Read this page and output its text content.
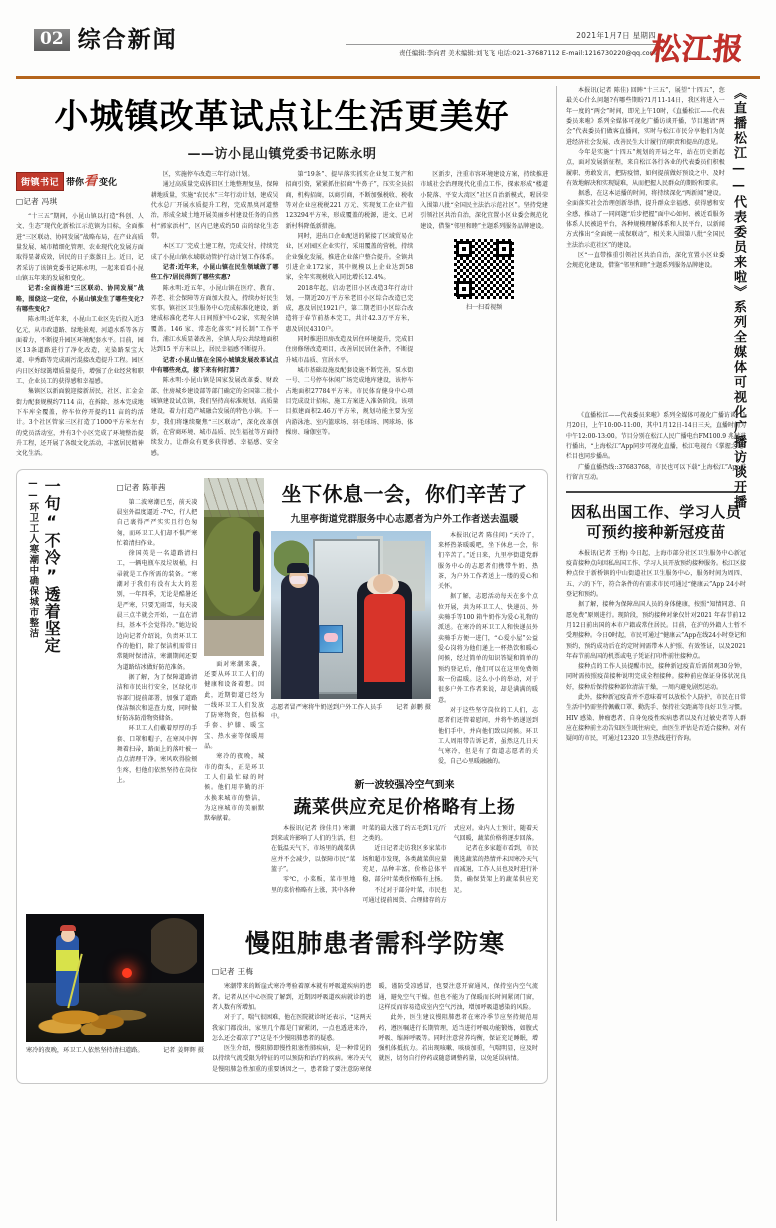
02 综合新闻	2021年1月7日 星期四
责任编辑:李向君 美术编辑:刘飞飞 电话:021-37687112 E-mail:1216730220@qq.com
松江报
小城镇改革试点让生活更美好
——访小昆山镇党委书记陈永明
街镇书记 带你看 变化
□记者 冯琪

“十三五”期间，小昆山镇以打造“科创、人文、生态”现代化新松江示范镇为目标，全面推进“三区联动、协同发展”战略布局，在产业高质量发展、城市精细化管理、农业现代化发展方面取得显著成效，居民的日子蒸蒸日上。近日，记者采访了该镇党委书记陈永明，一起来看看小昆山镇五年来的发展和变化。

记者:全面推进“三区联动、协同发展”战略，围绕这一定位，小昆山镇发生了哪些变化?有哪些变化?

陈永明:近年来，小昆山工业区先后投入近3亿元，从市政道路、绿地景观、河道水系等各方面着力，不断提升园区环境配套水平。目前，园区13条道路进行了净化改造，光染路泵宝大道、申秀路等完成雨污混接改造提升工程。园区内日区好绿篱增质量提升，增强了企业经营和职工、企业员工的获得感和幸福感。

集镇区以新面貌迎接新居民，社区、汇金金街力配套规模约7114 亩，在拆除、基本完成地下车库全覆盖，停车位停开提约11 亩的约活计。3个社区管家三区打造了1000平方米左右的党员活动室，并有3个小区完成了环境整治提升工程，还开展了各级文化活动，丰富居民精神文化生活。

区，实施停车改造三年行动计划。

通过高质量完成拆旧区土地整理复垦，保障耕地质量，实施“农民水”三年行动计划，建成吴代水总厂开展水质提升工程，完成黑臭河道整治，形成全域土地开展美丽乡村建设任务的自然村“郭家浜村”，区内已建成约50 亩的绿化生态带。

本区工厂完成土建工程，完成交付，持续完成了小昆山镇水域联动管护行动计划工作体系。

记者:近年来，小昆山镇在民生领域做了哪些工作?居民得到了哪些实惠?

陈永明:近五年，小昆山镇在医疗、教育、养老、社会保障等方面加大投入，持续办好民生实事。镇社区卫生服务中心完成标准化建设，新建成标准化老年人日间照护中心2家，实现全镇覆盖。146 家、常态化落实“河长制”工作平台，浦江水质显著改善，全镇人均公共绿地面积达到15 平方米以上，居民幸福感不断提升。

记者:小昆山镇在全国小城镇发展改革试点中有哪些亮点，接下来有何打算?

陈永明:小昆山镇是国家发展改革委、财政部、住房城乡建设部等部门确定的全国第二批小城镇建设试点镇，我们坚持高标准规划、高质量建设，着力打造产城融合发展的特色小镇。下一步，我们将继续聚焦“三区联动”，深化改革创新，在营商环境、城市品质、民生福祉等方面持续发力，让群众有更多获得感、幸福感、安全感。

第“19条”、提早落实抓实企业复工复产和招商引资，紧紧抓住招商“牛鼻子”，压实全员招商，机构招商，以商引商，不断加强税收、税收等对企业应税税221 万元、实现复工企业产值123294平方米，形成覆盖的税源，进文、已对新村科降低新措施。

同时，进出口企业配送的紧接了区域贸易企业，区对园区企业实行，采用覆盖的营税，持续企业强化发展，推进企业落户整合提升。全镇共引进企业172家，其中规模以上企业达到58家，全年实现税收入同比增长12.4%。

2018年起，启动老旧小区改造3年行动计划，一期近20万平方米老旧小区综合改造已完成，惠及居民1921户，第二期老旧小区综合改造将于春节前基本完工，共计42.3万平方米，惠及居民4310户。

同时推进旧房改造及居住环境提升，完成旧住房修缮改造项目，改善居民居住条件，不断提升城市品质、宜居水平。

城市基础设施及配套设施不断完善，泵水街一号、二号停车休闲广场完成地库建设，该停车占地面积27784平方米。市民体育健身中心项目完成设计招标，施工方案进入准备阶段。该项目拟建面积2.46万平方米，规划功能主要为室内游泳池、室内篮球场、羽毛球场、网球场、体操房、瑜伽室等。

区新步，注重市容环境建设方案，持续推进市域社会治理现代化重点工作，探索形成“楼道小院落、平安大湾区”社区自治新模式，喔居荣入围第八批“全国民主法治示范社区”。坚持党建引领社区共治自治，深化宜置小区业委会规范化建设，借鉴“邻里和睦”主题系列服务品牌建设。

扫一扫看视频
一句“不冷”透着坚定
——环卫工人寒潮中确保城市整洁	□记者 陈菲茜

第二波寒潮已至，前天凌晨室外温度逼近 -7℃，行人把自己裹得严严实实且行色匆匆，而环卫工人们却不惧严寒忙着清扫作业。

徐国英是一名道路清扫工，一辆电瓶车及垃圾桶，扫帚就是工作所需的装备。“寒潮对于我们有没有太大的差别，一年四季，无论是酷暑还是严寒，只要无雨雪，每天凌晨三点半就会开始，一直在清扫，基本不会觉得冷。”她边说边向记者介绍说，负责环卫工作的他们，除了保洁机需常日常随时保清洁，寒潮期间还要为道路结冰做好防范准备。

据了解，为了保障道路清洁和市民出行安全，区绿化市容部门提前部署，加强了道路保洁频次和巡查力度，同时做好防冻防滑物资储备。

环卫工人们戴着厚厚的手套、口罩和帽子，在寒风中挥舞着扫帚，路面上的落叶被一点点清理干净。寒风吹得脸颊生疼，但他们依然坚持在岗位上。

面对寒潮来袭，还要从环卫工人们的健康和设备着想。因此，近期街道已经为一线环卫工人们发放了防寒物资，包括棉手套、护膝、暖宝宝、热水壶等保暖用品。

寒冷的夜晚，城市的街头，正是环卫工人们最忙碌的时候。他们用辛勤的汗水换来城市的整洁，为这座城市的美丽默默奉献着。

坐下休息一会，你们辛苦了
九里亭街道党群服务中心志愿者为户外工作者送去温暖
志愿者冒严寒将牛奶送到户外工作人员手中。
记者 彭鹏 摄

本报讯(记者 陈佳问) “天冷了，来杯热茶暖暖吧，坐下休息一会，你们辛苦了。”近日来，九里亭街道党群服务中心的志愿者们携带牛奶、热茶，为户外工作者送上一缕的爱心和关怀。

据了解，志愿活动每天在多个点位开展，共为环卫工人、快递员、外卖骑手等100 箱牛奶作为爱心礼物的派送。在寒冷的环卫工人和快递员外卖骑手方便一进门，“心爱小屋”公益爱心岗将为他们递上一杯热饮和暖心问候，经过简单的知识答疑和简单的预约登记后，他们可以在这里免费领取一份温暖。这么小小的举动，对于很多户外工作者来说，却是满满的暖意。

对于这些坚守岗位的工人们，志愿者们还管着慰问，并将牛奶递送到他们手中，并向他们致以问候。环卫工人周用带告诉记者，虽然这几日天气寒冷，但是有了街道志愿者的关爱，自己心里暖融融的。

新一波较强冷空气到来
蔬菜供应充足价格略有上扬

本报讯(记者 徐佳月) 寒潮到来或许影响了人们的生活，但在低温天气下，市场里的蔬菜供应并不会减少，以保障市民“菜篮子”。

零℃，小菜贩，菜市里地里的菜价格略有上涨，其中各种叶菜的最大涨了约五毛到1元/斤之类的。

近日记者走访我区多家菜市场和超市发现，各类蔬菜供应量充足，品种丰富，价格总体平稳，部分叶菜类价格略有上扬。

不过对于部分叶菜，市民也可通过提前囤货、合理储存的方式应对。业内人士预计，随着天气回暖，蔬菜价格将逐步回落。

记者在多家超市看到，市民挑选蔬菜的热情并未因寒冷天气而减退，工作人员也及时进行补货，确保货架上的蔬菜供应充足。

寒冷的夜晚，环卫工人依然坚持清扫道路。	记者 姜辉辉 摄
慢阻肺患者需科学防寒
□记者 王梅

寒潮带来的断崖式寒冷考验着原本就有呼吸道疾病的患者。记者从区中心医院了解到，近期因呼吸道疾病就诊的患者人数有所增加。

对于了，喘气很困难，他在医院就诊时还表示，“这两天我家门都没出，家里几个都是门窗紧闭，一点也透进来冷，怎么还会着凉了?”这是不少慢阻肺患者的疑惑。

医生介绍，慢阻肺即慢性阻塞性肺疾病，是一种常见的以持续气流受限为特征的可以预防和治疗的疾病。寒冷天气是慢阻肺急性加重的重要诱因之一，患者除了要注意防寒保暖，谨防受凉感冒，也要注意开窗通风，保持室内空气流通，避免空气干燥。但也不能为了保暖而长时间紧闭门窗，这样反而容易造成室内空气污浊，增加呼吸道感染的风险。

此外，医生建议慢阻肺患者在寒冷季节应坚持规范用药，遵医嘱进行长期管理，适当进行呼吸功能锻炼，如腹式呼吸、缩唇呼吸等。同时注意营养均衡，保证充足睡眠，增强机体抵抗力。若出现咳嗽、咳痰加重，气喘明显，应及时就医，切勿自行停药或随意调整药量，以免延误病情。

本报讯(记者 陈佳) 回眸“十三五”，展望“十四五”，您最关心什么问题?有哪些期盼?1月11-14日，我区将进入一年一度的“两会”时间，即光上午10时，《直播松江——代表委员来啦》系列全媒体可视化广播访谈开播，节目邀请“两会”代表委员们做客直播间，实时与松江市民分享他们为促进经济社会发展、改善民生大计履行的职责和提出的意见。

今年是实施“十四五”规划的开局之年，站在历史新起点，面对发展新征程，来自松江各行各业的代表委员们积极履职、勇敢发言，把防疫情，如何提前做好预设之中、及时有效地解决和实现疑难，从而把握人民群众的期盼和要求。

据悉，在这本运播的时间，将持续深化“两新闻”建设。全面落实社会治理创新举措，提升群众幸福感、获得感和安全感，推动了一同问题“后步把握”面中心如何、被近看服务体系人民被迫平台，各种规模理解体系和人民平台，以新闻方式推出“全面统一成保联动”，相关来入围第八批“全国民主法治示范社区”的建设。

区“一直带推重引领社区共治自治，深化宜置小区业委会规范化建设，借鉴“邻里和睦”主题系列服务品牌建设。	《直播松江——代表委员来啦》系列全媒体可视化广播访谈开播

《直播松江——代表委员来啦》系列全媒体可视化广播访谈，1月20日，上午10:00-11:00，其中1月12日-14日三天，直播时间为中午12:00-13:00。节目分别在松江人民广播电台FM100.9 兆赫进行播出，“上海松江”App同步可视化直播，松江电视台《掌握之光》栏目也同步播出。

广播直播热线::37683768，市民也可以下载“上海松江”App进行留言互动。

因私出国工作、学习人员可预约接种新冠疫苗

本报讯(记者 王梅) 今日起，上海市部分社区卫生服务中心新冠疫苗接种点向因私出国工作、学习人员开放预约接种服务。松江区接种点位于新桥镇的中山街道社区卫生服务中心，服务时间为周四、五、六的下午，符合条件的有需求市民可通过“健康云”App 24小时登记和预约。

据了解，接种为保障出国人员的身体健康，按照“知情同意、自愿免费”原则进行。现阶段，预约接种对象仅针对2021 年春节前12月12日前出国的本市户籍或常住居民。目前，在沪的外籍人士暂不受理接种。今日0时起，市民可通过“健康云”App在线24小时登记和预约，预约成功后在约定时间需带本人护照、有效签证，以及2021年春节前出国的机票或电子凭证打印件前往接种点。

接种点的工作人员提醒市民，接种新冠疫苗后需留观30分钟，同时需按照疫苗接种说明完成全程接种。接种前应保证身体状况良好，接种后保持接种部位清洁干燥，一周内避免剧烈运动。

此外，接种新冠疫苗并不意味着可以放松个人防护，市民在日常生活中仍需坚持佩戴口罩、勤洗手、保持社交距离等良好卫生习惯。HIV 感染、肿瘤患者、自身免疫性疾病患者以及有过敏史者等人群应在接种前主动告知医生既往病史，由医生评估是否适合接种。对有疑问的市民，可通过12320 卫生热线进行咨询。
